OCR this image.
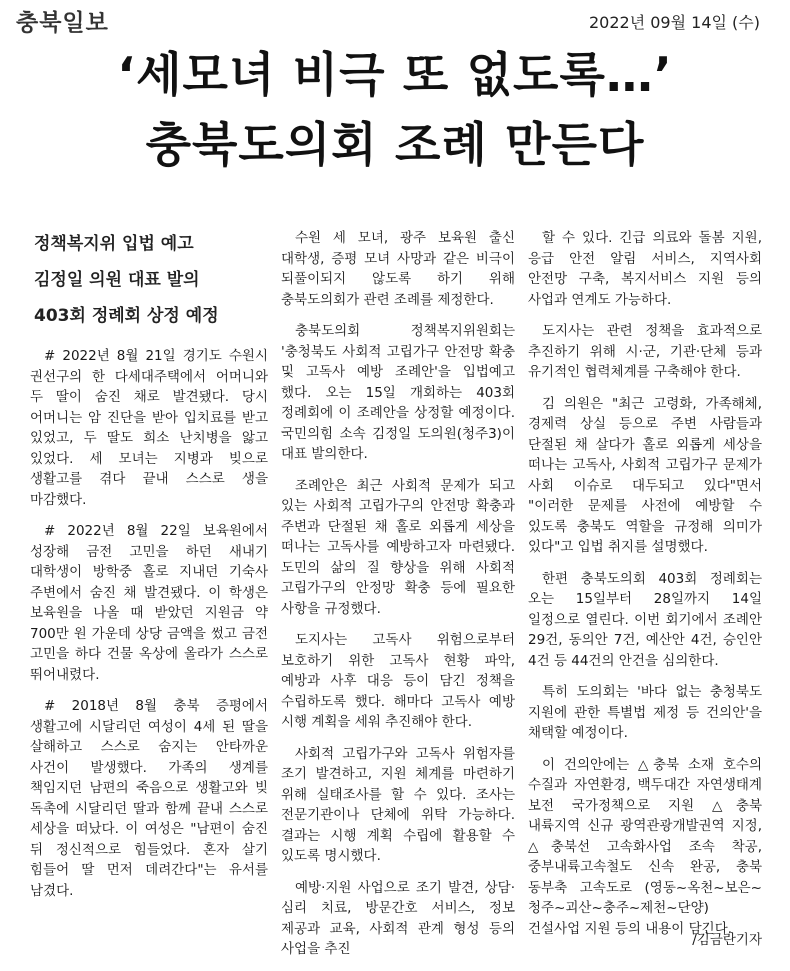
충북일보	2022년 09월 14일 (수)
‘세모녀 비극 또 없도록…’
충북도의회 조례 만든다
정책복지위 입법 예고
김정일 의원 대표 발의
403회 정례회 상정 예정

# 2022년 8월 21일 경기도 수원시 권선구의 한 다세대주택에서 어머니와 두 딸이 숨진 채로 발견됐다. 당시 어머니는 암 진단을 받아 입치료를 받고 있었고, 두 딸도 희소 난치병을 앓고 있었다. 세 모녀는 지병과 빚으로 생활고를 겪다 끝내 스스로 생을 마감했다.

# 2022년 8월 22일 보육원에서 성장해 금전 고민을 하던 새내기 대학생이 방학중 홀로 지내던 기숙사 주변에서 숨진 채 발견됐다. 이 학생은 보육원을 나올 때 받았던 지원금 약 700만 원 가운데 상당 금액을 썼고 금전 고민을 하다 건물 옥상에 올라가 스스로 뛰어내렸다.

# 2018년 8월 충북 증평에서 생활고에 시달리던 여성이 4세 된 딸을 살해하고 스스로 숨지는 안타까운 사건이 발생했다. 가족의 생계를 책임지던 남편의 죽음으로 생활고와 빚 독촉에 시달리던 딸과 함께 끝내 스스로 세상을 떠났다. 이 여성은 "남편이 숨진 뒤 정신적으로 힘들었다. 혼자 살기 힘들어 딸 먼저 데려간다"는 유서를 남겼다.

수원 세 모녀, 광주 보육원 출신 대학생, 증평 모녀 사망과 같은 비극이 되풀이되지 않도록 하기 위해 충북도의회가 관련 조례를 제정한다.

충북도의회 정책복지위원회는 '충청북도 사회적 고립가구 안전망 확충 및 고독사 예방 조례안'을 입법예고 했다. 오는 15일 개회하는 403회 정례회에 이 조례안을 상정할 예정이다. 국민의힘 소속 김정일 도의원(청주3)이 대표 발의한다.

조례안은 최근 사회적 문제가 되고 있는 사회적 고립가구의 안전망 확충과 주변과 단절된 채 홀로 외롭게 세상을 떠나는 고독사를 예방하고자 마련됐다. 도민의 삶의 질 향상을 위해 사회적 고립가구의 안정망 확충 등에 필요한 사항을 규정했다.

도지사는 고독사 위험으로부터 보호하기 위한 고독사 현황 파악, 예방과 사후 대응 등이 담긴 정책을 수립하도록 했다. 해마다 고독사 예방 시행 계획을 세워 추진해야 한다.

사회적 고립가구와 고독사 위험자를 조기 발견하고, 지원 체계를 마련하기 위해 실태조사를 할 수 있다. 조사는 전문기관이나 단체에 위탁 가능하다. 결과는 시행 계획 수립에 활용할 수 있도록 명시했다.

예방·지원 사업으로 조기 발견, 상담·심리 치료, 방문간호 서비스, 정보 제공과 교육, 사회적 관계 형성 등의 사업을 추진

할 수 있다. 긴급 의료와 돌봄 지원, 응급 안전 알림 서비스, 지역사회 안전망 구축, 복지서비스 지원 등의 사업과 연계도 가능하다.

도지사는 관련 정책을 효과적으로 추진하기 위해 시·군, 기관·단체 등과 유기적인 협력체계를 구축해야 한다.

김 의원은 "최근 고령화, 가족해체, 경제력 상실 등으로 주변 사람들과 단절된 채 살다가 홀로 외롭게 세상을 떠나는 고독사, 사회적 고립가구 문제가 사회 이슈로 대두되고 있다"면서 "이러한 문제를 사전에 예방할 수 있도록 충북도 역할을 규정해 의미가 있다"고 입법 취지를 설명했다.

한편 충북도의회 403회 정례회는 오는 15일부터 28일까지 14일 일정으로 열린다. 이번 회기에서 조례안 29건, 동의안 7건, 예산안 4건, 승인안 4건 등 44건의 안건을 심의한다.

특히 도의회는 '바다 없는 충청북도 지원에 관한 특별법 제정 등 건의안'을 채택할 예정이다.

이 건의안에는 △충북 소재 호수의 수질과 자연환경, 백두대간 자연생태계 보전 국가정책으로 지원 △충북 내륙지역 신규 광역관광개발권역 지정, △충북선 고속화사업 조속 착공, 중부내륙고속철도 신속 완공, 충북 동부축 고속도로 (영동~옥천~보은~청주~괴산~충주~제천~단양) 건설사업 지원 등의 내용이 담긴다.

/김금란기자
